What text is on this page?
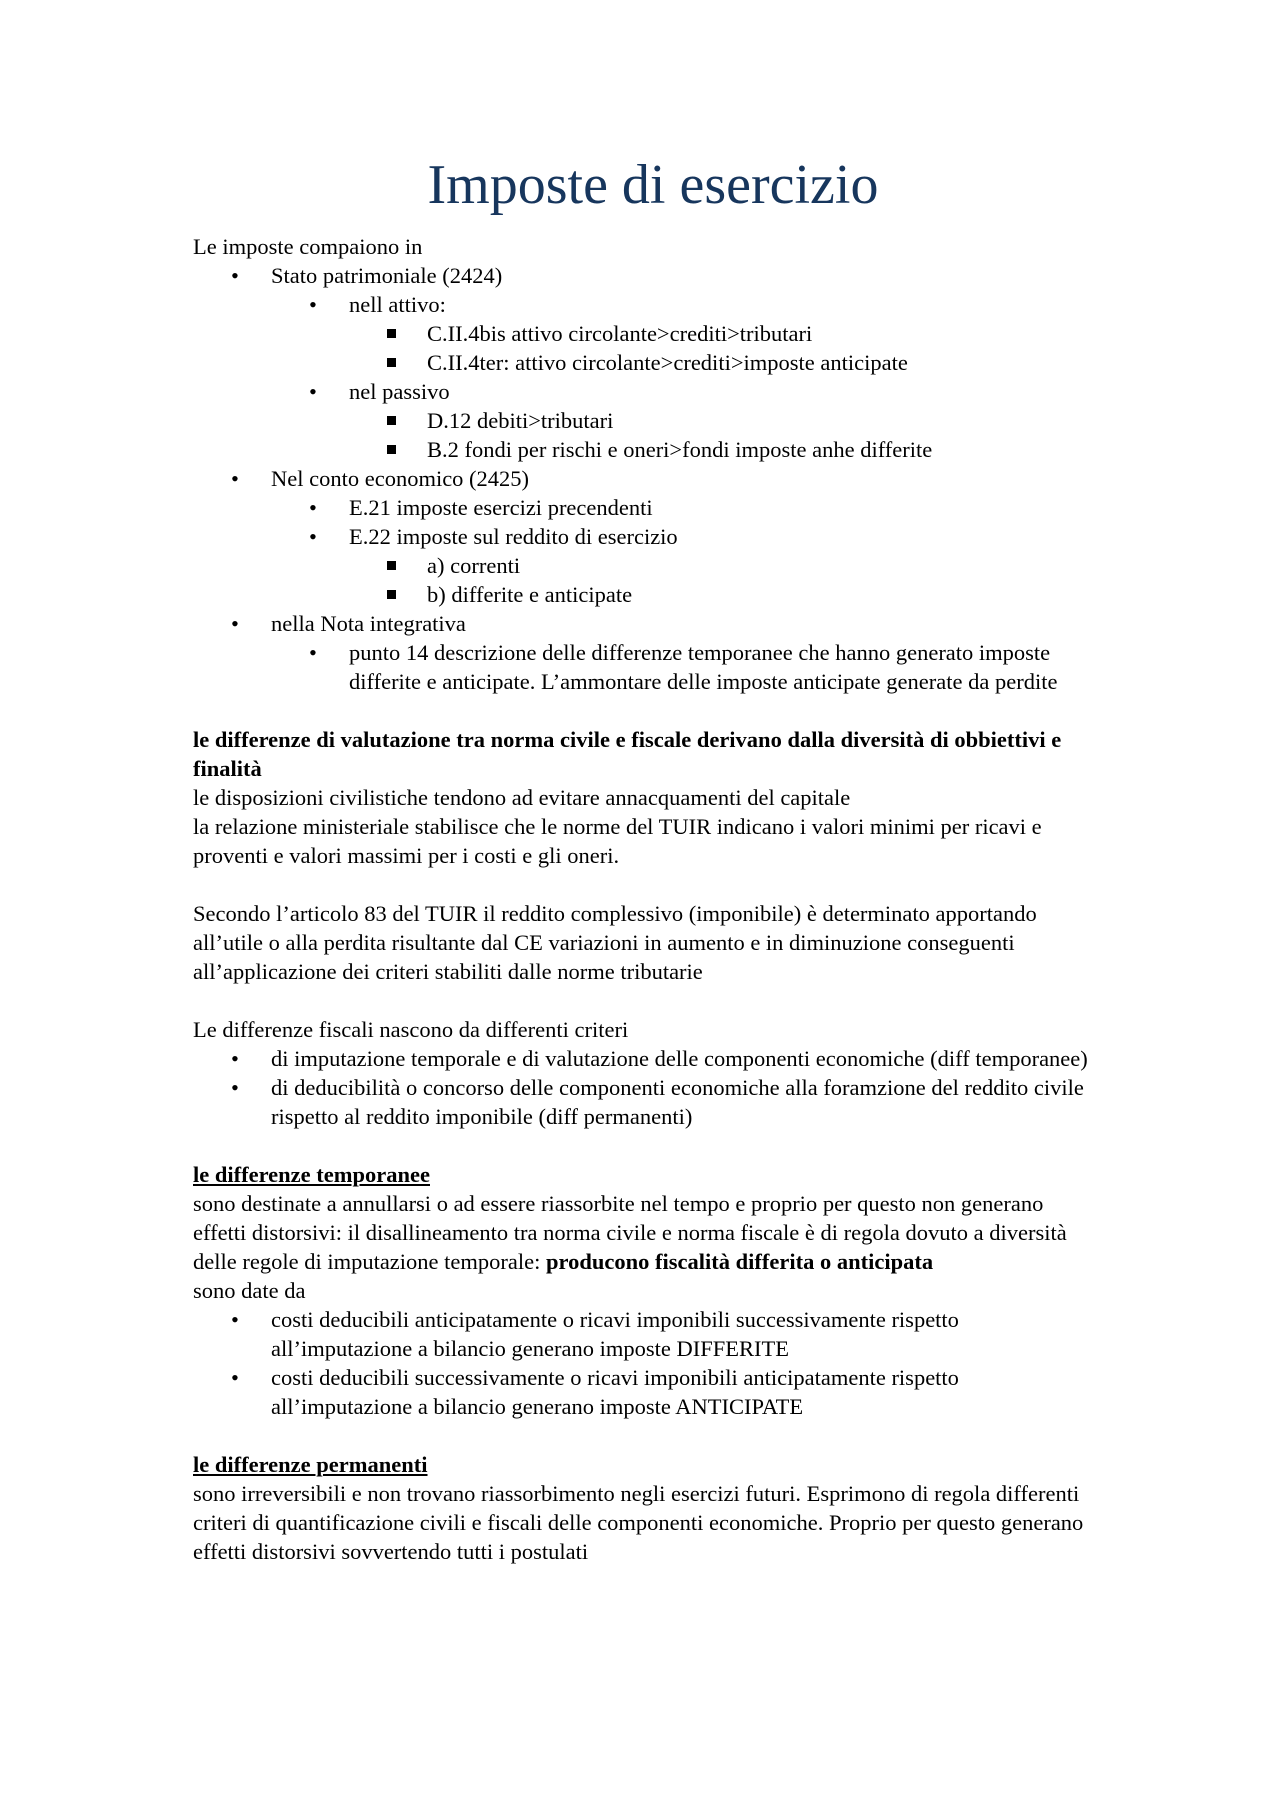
Imposte di esercizio

Le imposte compaiono in

• Stato patrimoniale (2424)
• nell attivo:
C.II.4bis attivo circolante>crediti>tributari
C.II.4ter: attivo circolante>crediti>imposte anticipate
• nel passivo
D.12 debiti>tributari
B.2 fondi per rischi e oneri>fondi imposte anhe differite
• Nel conto economico (2425)
• E.21 imposte esercizi precendenti
• E.22 imposte sul reddito di esercizio
a) correnti
b) differite e anticipate
• nella Nota integrativa
• punto 14 descrizione delle differenze temporanee che hanno generato imposte differite e anticipate. L’ammontare delle imposte anticipate generate da perdite

le differenze di valutazione tra norma civile e fiscale derivano dalla diversità di obbiettivi e finalità

le disposizioni civilistiche tendono ad evitare annacquamenti del capitale

la relazione ministeriale stabilisce che le norme del TUIR indicano i valori minimi per ricavi e proventi e valori massimi per i costi e gli oneri.

Secondo l’articolo 83 del TUIR il reddito complessivo (imponibile) è determinato apportando all’utile o alla perdita risultante dal CE variazioni in aumento e in diminuzione conseguenti all’applicazione dei criteri stabiliti dalle norme tributarie

Le differenze fiscali nascono da differenti criteri

• di imputazione temporale e di valutazione delle componenti economiche (diff temporanee)
• di deducibilità o concorso delle componenti economiche alla foramzione del reddito civile rispetto al reddito imponibile (diff permanenti)

le differenze temporanee

sono destinate a annullarsi o ad essere riassorbite nel tempo e proprio per questo non generano effetti distorsivi: il disallineamento tra norma civile e norma fiscale è di regola dovuto a diversità delle regole di imputazione temporale: producono fiscalità differita o anticipata

sono date da

• costi deducibili anticipatamente o ricavi imponibili successivamente rispetto all’imputazione a bilancio generano imposte DIFFERITE
• costi deducibili successivamente o ricavi imponibili anticipatamente rispetto all’imputazione a bilancio generano imposte ANTICIPATE

le differenze permanenti

sono irreversibili e non trovano riassorbimento negli esercizi futuri. Esprimono di regola differenti criteri di quantificazione civili e fiscali delle componenti economiche. Proprio per questo generano effetti distorsivi sovvertendo tutti i postulati
